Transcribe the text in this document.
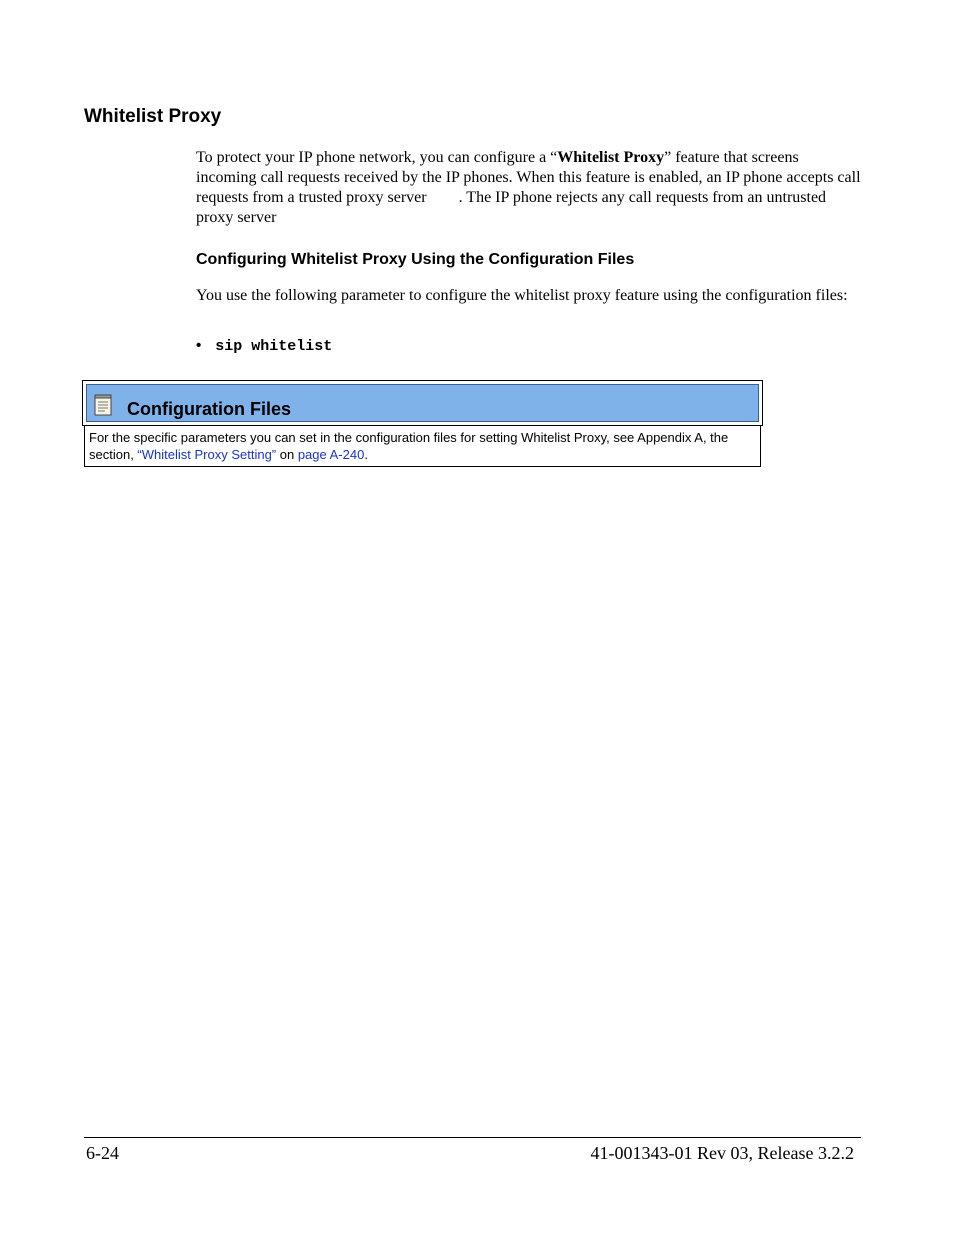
Whitelist Proxy
To protect your IP phone network, you can configure a “Whitelist Proxy” feature that screens incoming call requests received by the IP phones. When this feature is enabled, an IP phone accepts call requests from a trusted proxy server . The IP phone rejects any call requests from an untrusted proxy server
Configuring Whitelist Proxy Using the Configuration Files
You use the following parameter to configure the whitelist proxy feature using the configuration files:
• sip whitelist
Configuration Files
For the specific parameters you can set in the configuration files for setting Whitelist Proxy, see Appendix A, the section, “Whitelist Proxy Setting” on page A-240.
6-24	41-001343-01 Rev 03, Release 3.2.2
